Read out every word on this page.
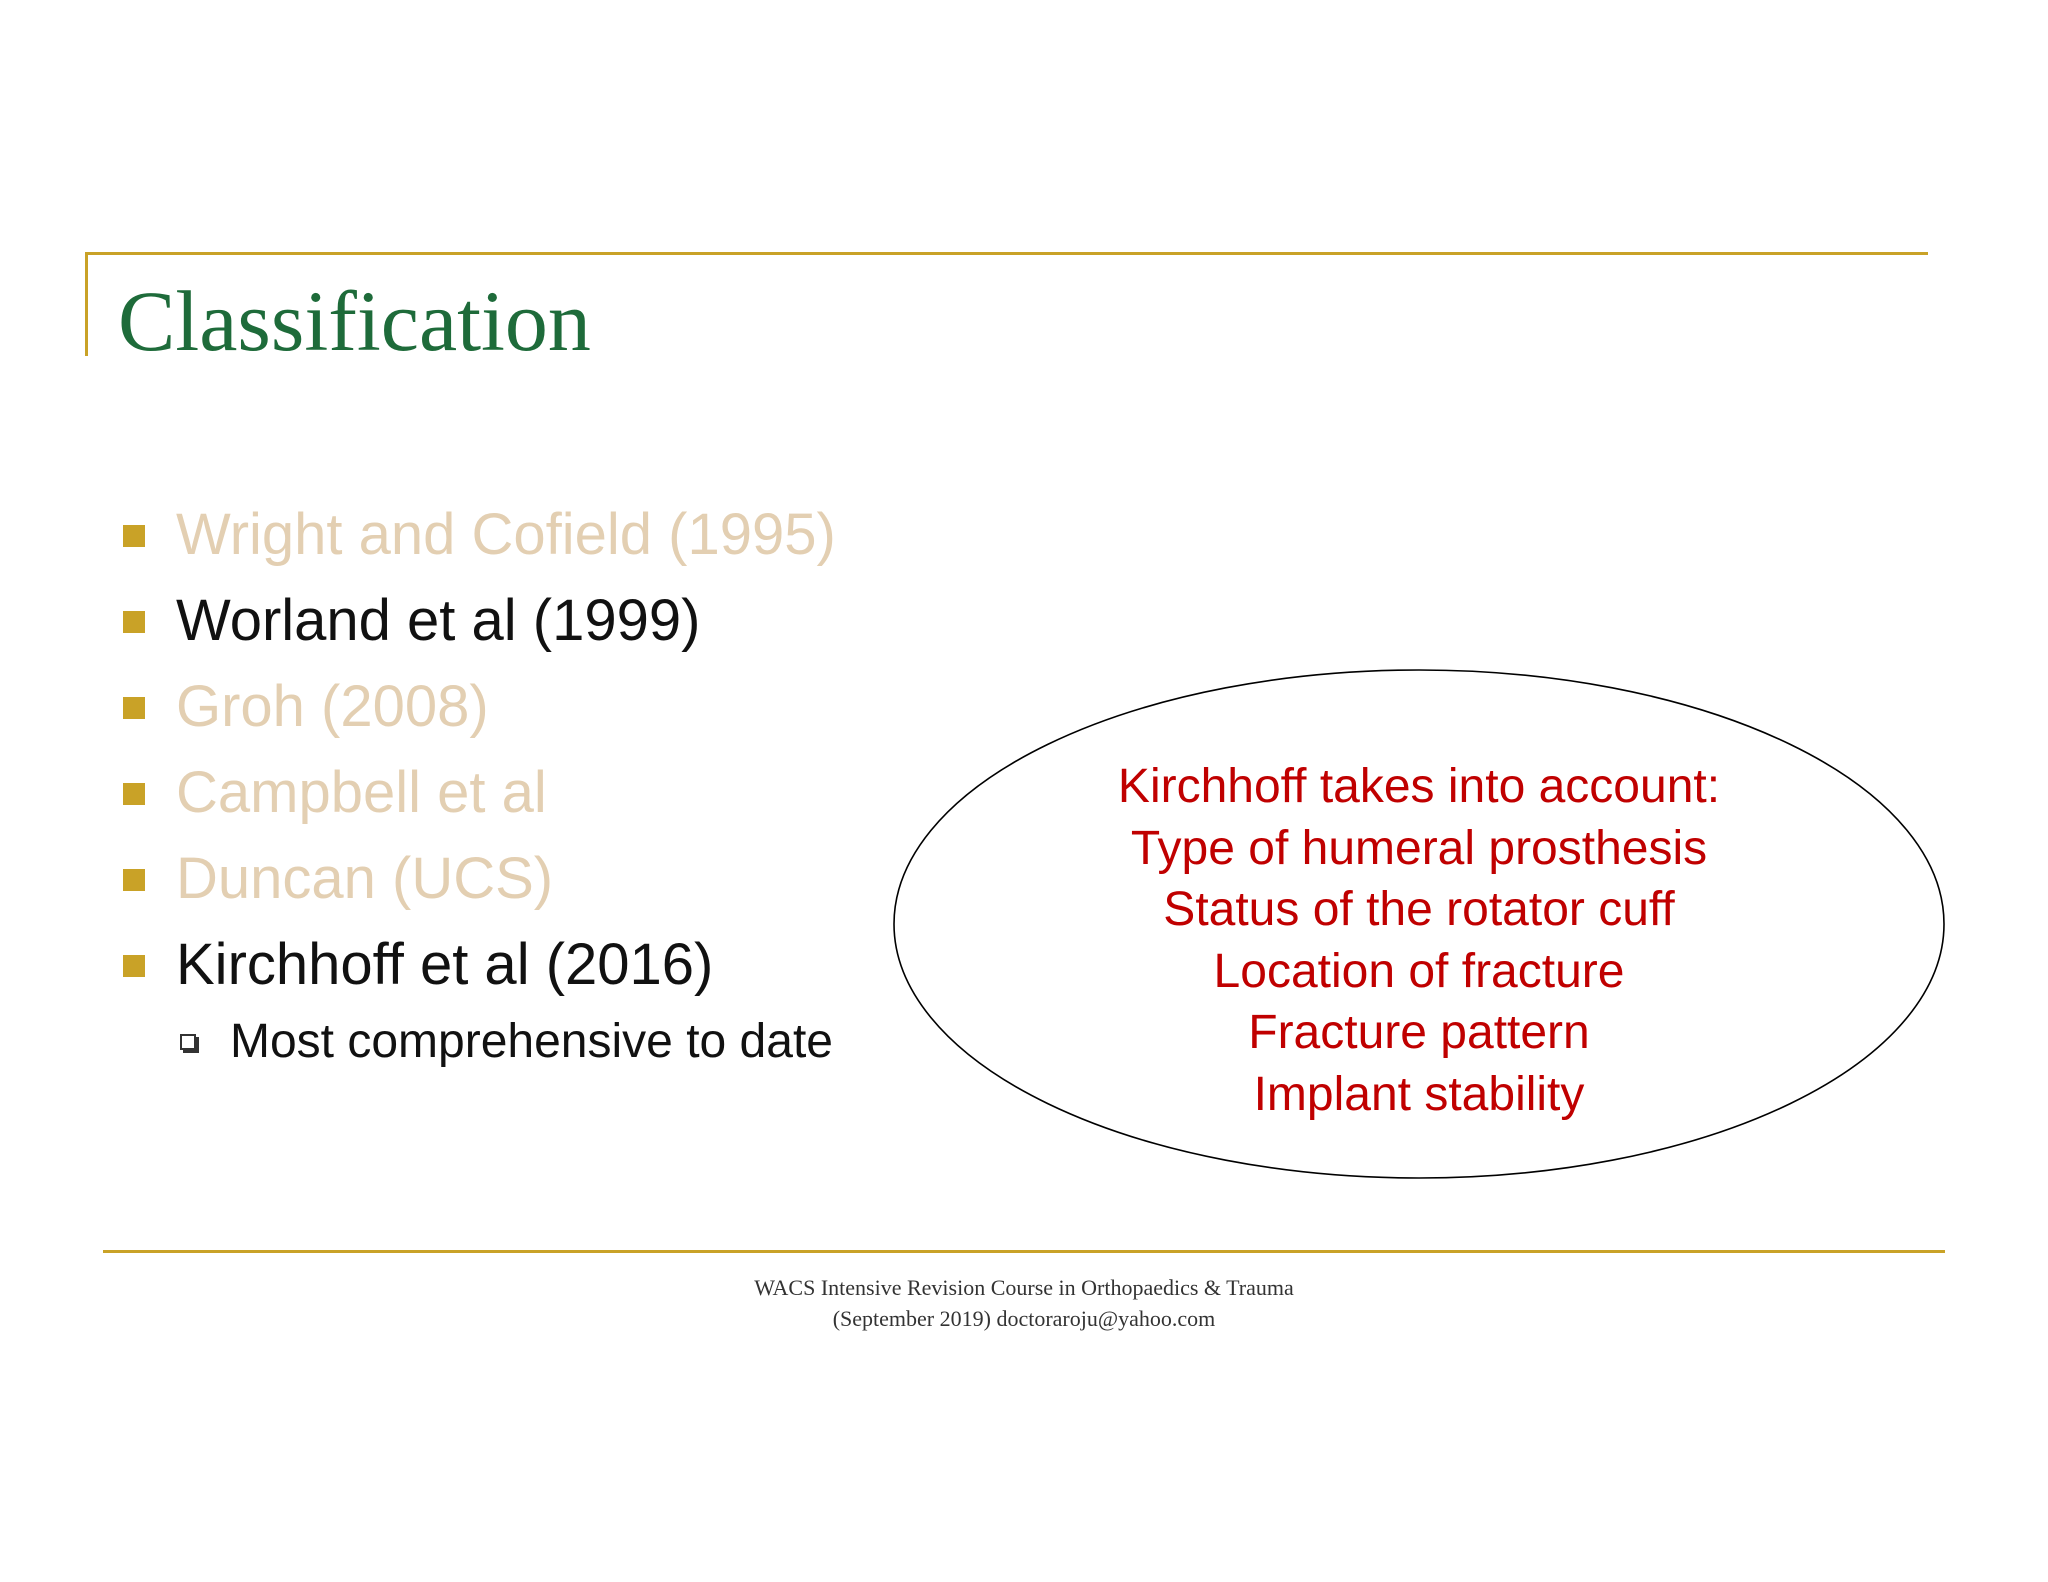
Classification
Wright and Cofield (1995)
Worland et al (1999)
Groh (2008)
Campbell et al
Duncan (UCS)
Kirchhoff et al (2016)
Most comprehensive to date
Kirchhoff takes into account:
Type of humeral prosthesis
Status of the rotator cuff
Location of fracture
Fracture pattern
Implant stability
WACS Intensive Revision Course in Orthopaedics & Trauma
(September 2019) doctoraroju@yahoo.com
